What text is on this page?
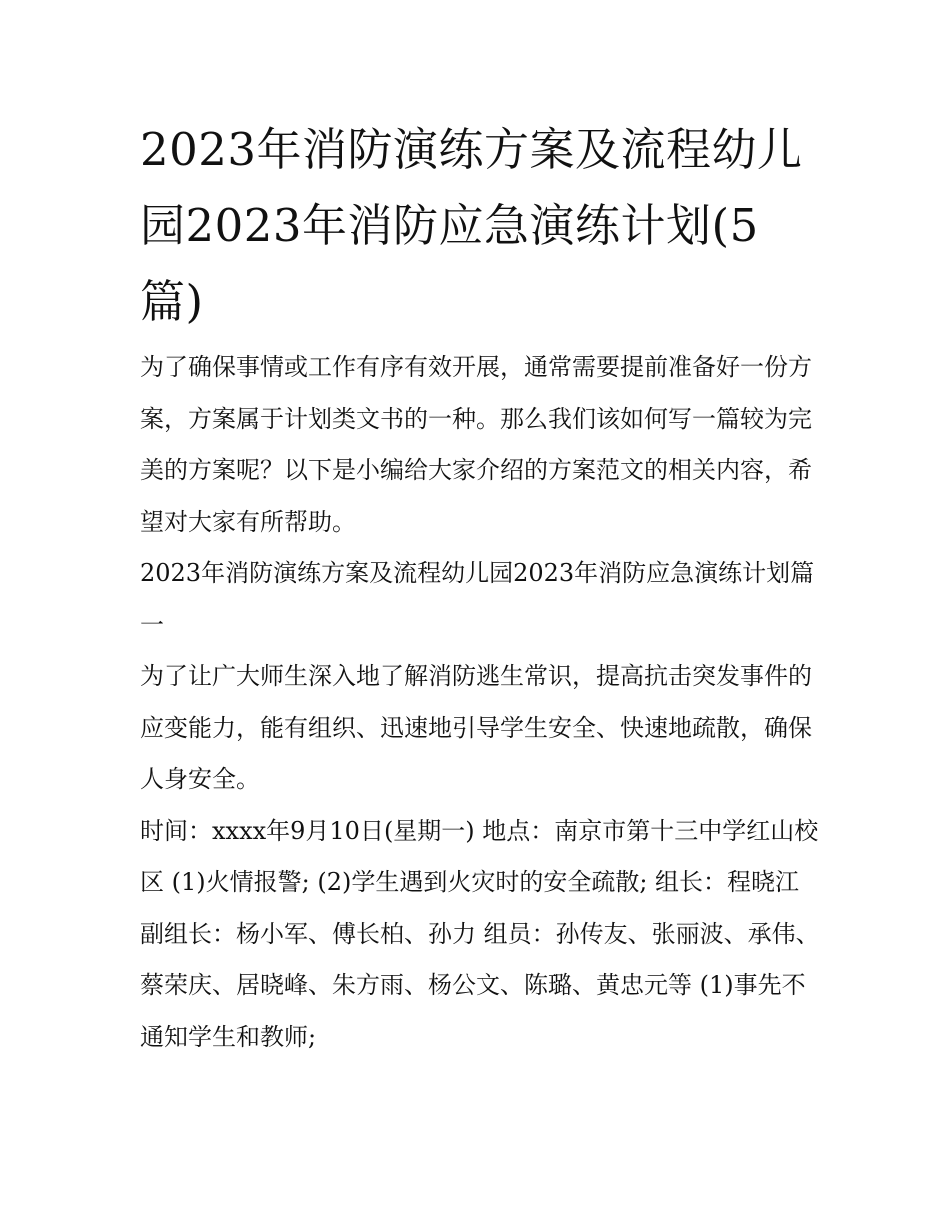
2023年消防演练方案及流程幼儿园2023年消防应急演练计划(5篇)

为了确保事情或工作有序有效开展，通常需要提前准备好一份方案，方案属于计划类文书的一种。那么我们该如何写一篇较为完美的方案呢？以下是小编给大家介绍的方案范文的相关内容，希望对大家有所帮助。

2023年消防演练方案及流程幼儿园2023年消防应急演练计划篇一

为了让广大师生深入地了解消防逃生常识，提高抗击突发事件的应变能力，能有组织、迅速地引导学生安全、快速地疏散，确保人身安全。

时间：xxxx年9月10日(星期一) 地点：南京市第十三中学红山校区 (1)火情报警; (2)学生遇到火灾时的安全疏散; 组长：程晓江

副组长：杨小军、傅长柏、孙力 组员：孙传友、张丽波、承伟、蔡荣庆、居晓峰、朱方雨、杨公文、陈璐、黄忠元等 (1)事先不通知学生和教师;
